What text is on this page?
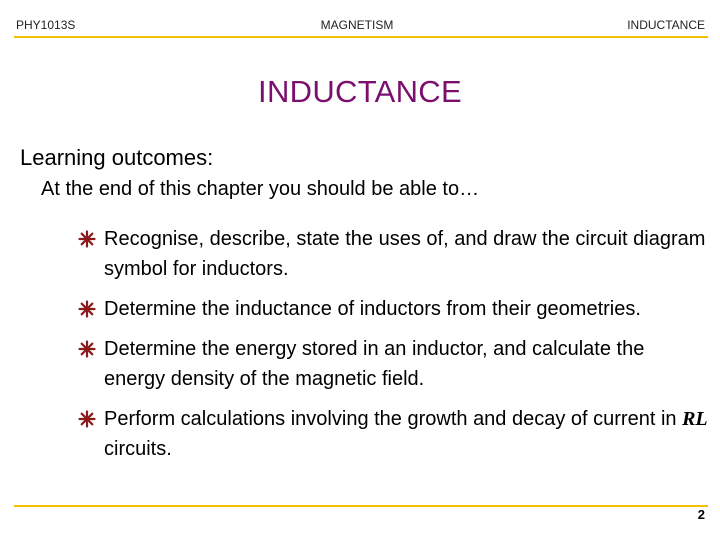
PHY1013S	MAGNETISM	INDUCTANCE
INDUCTANCE
Learning outcomes:
At the end of this chapter you should be able to…
Recognise, describe, state the uses of, and draw the circuit diagram symbol for inductors.
Determine the inductance of inductors from their geometries.
Determine the energy stored in an inductor, and calculate the energy density of the magnetic field.
Perform calculations involving the growth and decay of current in RL circuits.
2
